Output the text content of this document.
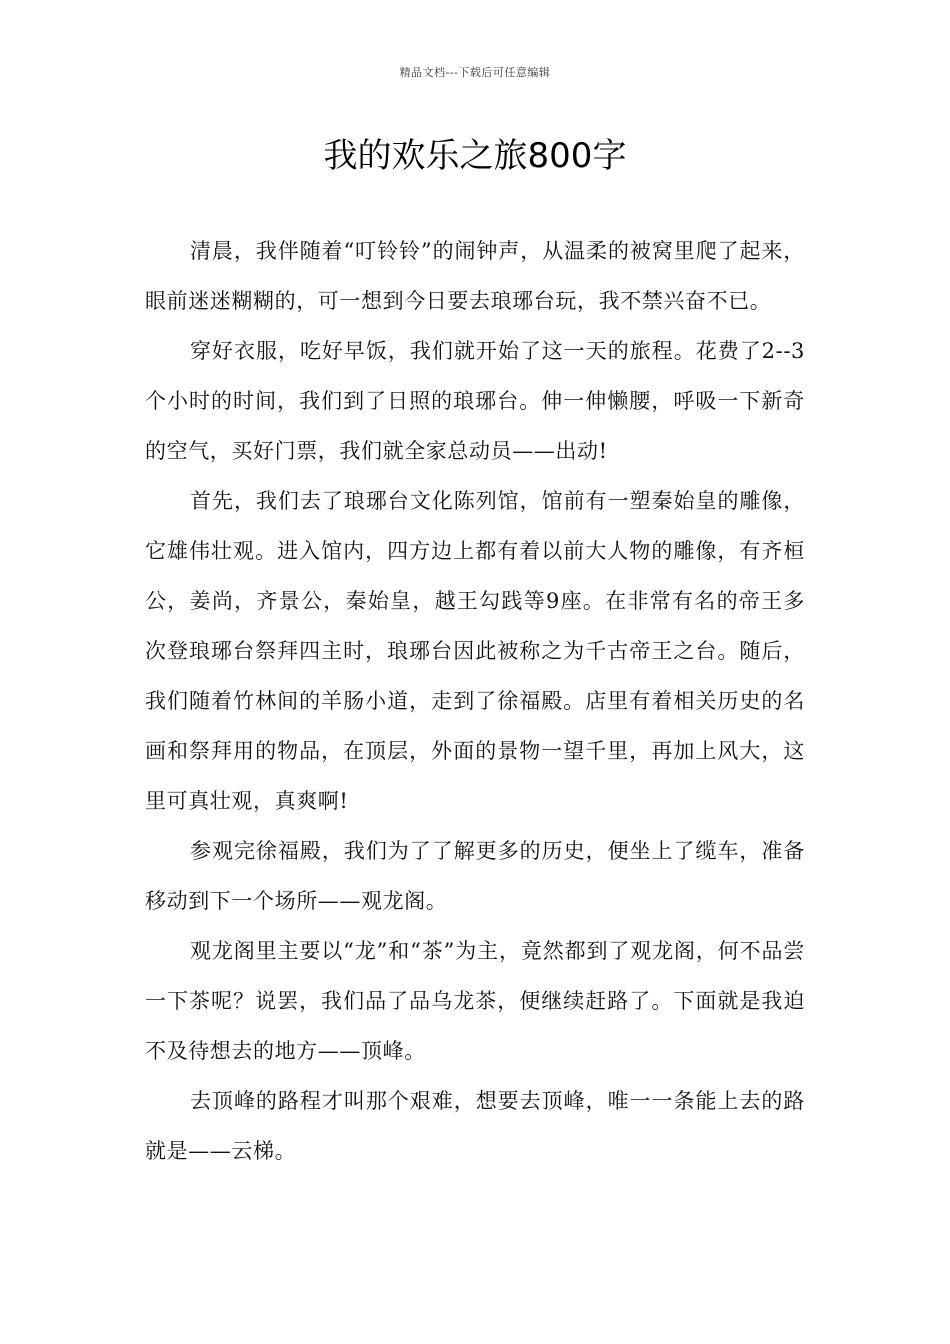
精品文档---下载后可任意编辑
我的欢乐之旅800字

清晨，我伴随着“叮铃铃”的闹钟声，从温柔的被窝里爬了起来，眼前迷迷糊糊的，可一想到今日要去琅琊台玩，我不禁兴奋不已。

穿好衣服，吃好早饭，我们就开始了这一天的旅程。花费了2--3个小时的时间，我们到了日照的琅琊台。伸一伸懒腰，呼吸一下新奇的空气，买好门票，我们就全家总动员——出动!

首先，我们去了琅琊台文化陈列馆，馆前有一塑秦始皇的雕像，它雄伟壮观。进入馆内，四方边上都有着以前大人物的雕像，有齐桓公，姜尚，齐景公，秦始皇，越王勾践等9座。在非常有名的帝王多次登琅琊台祭拜四主时，琅琊台因此被称之为千古帝王之台。随后，我们随着竹林间的羊肠小道，走到了徐福殿。店里有着相关历史的名画和祭拜用的物品，在顶层，外面的景物一望千里，再加上风大，这里可真壮观，真爽啊!

参观完徐福殿，我们为了了解更多的历史，便坐上了缆车，准备移动到下一个场所——观龙阁。

观龙阁里主要以“龙”和“茶”为主，竟然都到了观龙阁，何不品尝一下茶呢？说罢，我们品了品乌龙茶，便继续赶路了。下面就是我迫不及待想去的地方——顶峰。

去顶峰的路程才叫那个艰难，想要去顶峰，唯一一条能上去的路就是——云梯。
